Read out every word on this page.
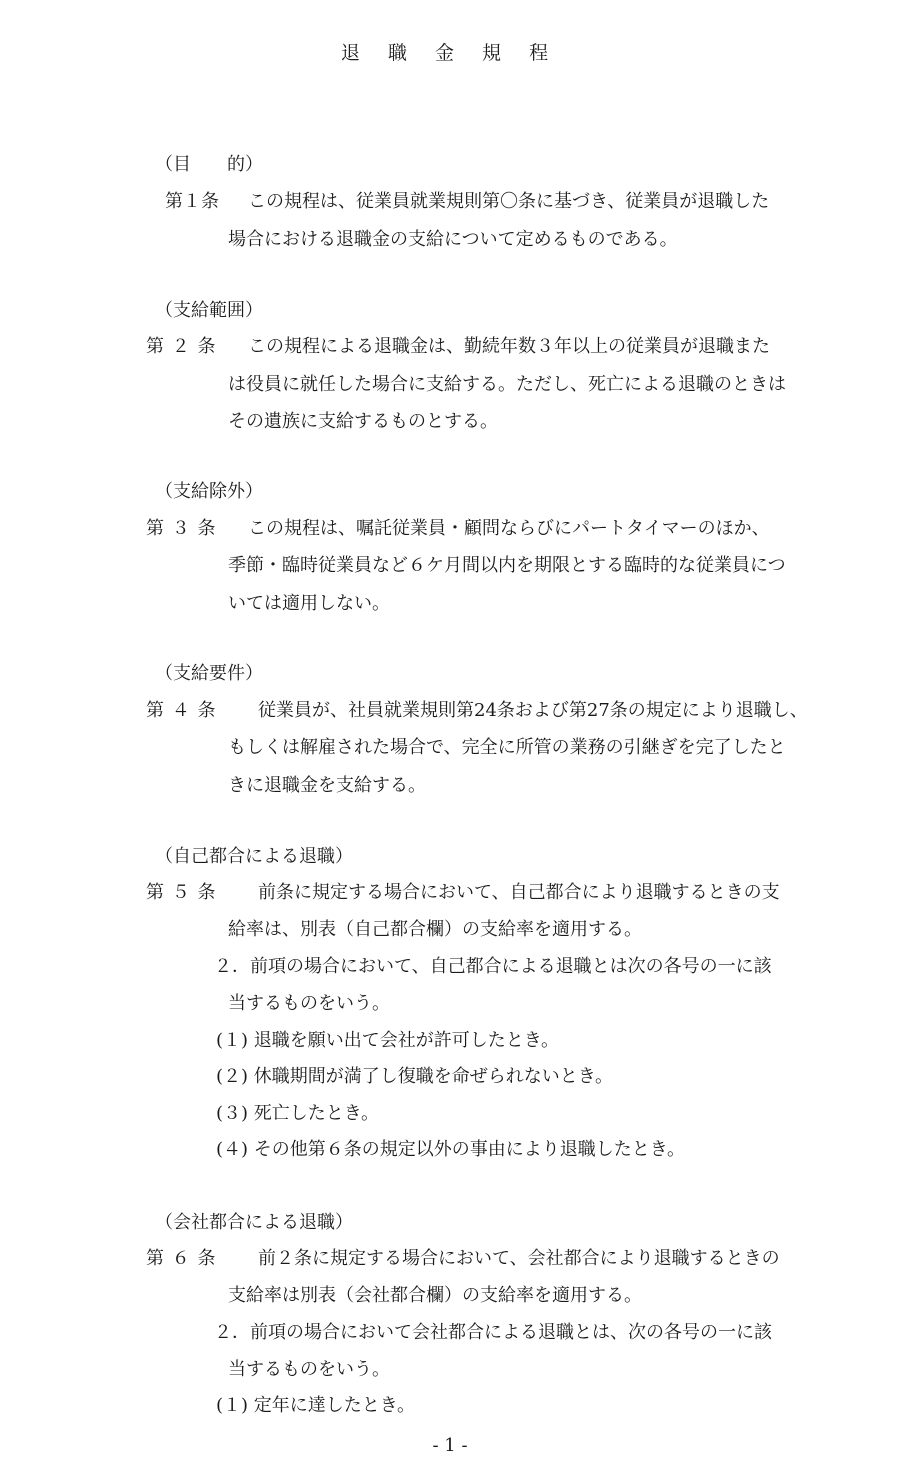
退 職 金 規 程
（目　　的）
第１条 この規程は、従業員就業規則第〇条に基づき、従業員が退職した
場合における退職金の支給について定めるものである。
（支給範囲）
第 ２ 条 この規程による退職金は、勤続年数３年以上の従業員が退職また
は役員に就任した場合に支給する。ただし、死亡による退職のときは
その遺族に支給するものとする。
（支給除外）
第 ３ 条 この規程は、嘱託従業員・顧問ならびにパートタイマーのほか、
季節・臨時従業員など６ケ月間以内を期限とする臨時的な従業員につ
いては適用しない。
（支給要件）
第 ４ 条 従業員が、社員就業規則第24条および第27条の規定により退職し、
もしくは解雇された場合で、完全に所管の業務の引継ぎを完了したと
きに退職金を支給する。
（自己都合による退職）
第 ５ 条 前条に規定する場合において、自己都合により退職するときの支
給率は、別表（自己都合欄）の支給率を適用する。
２．前項の場合において、自己都合による退職とは次の各号の一に該
当するものをいう。
(１) 退職を願い出て会社が許可したとき。
(２) 休職期間が満了し復職を命ぜられないとき。
(３) 死亡したとき。
(４) その他第６条の規定以外の事由により退職したとき。
（会社都合による退職）
第 ６ 条 前２条に規定する場合において、会社都合により退職するときの
支給率は別表（会社都合欄）の支給率を適用する。
２．前項の場合において会社都合による退職とは、次の各号の一に該
当するものをいう。
(１) 定年に達したとき。
- 1 -
